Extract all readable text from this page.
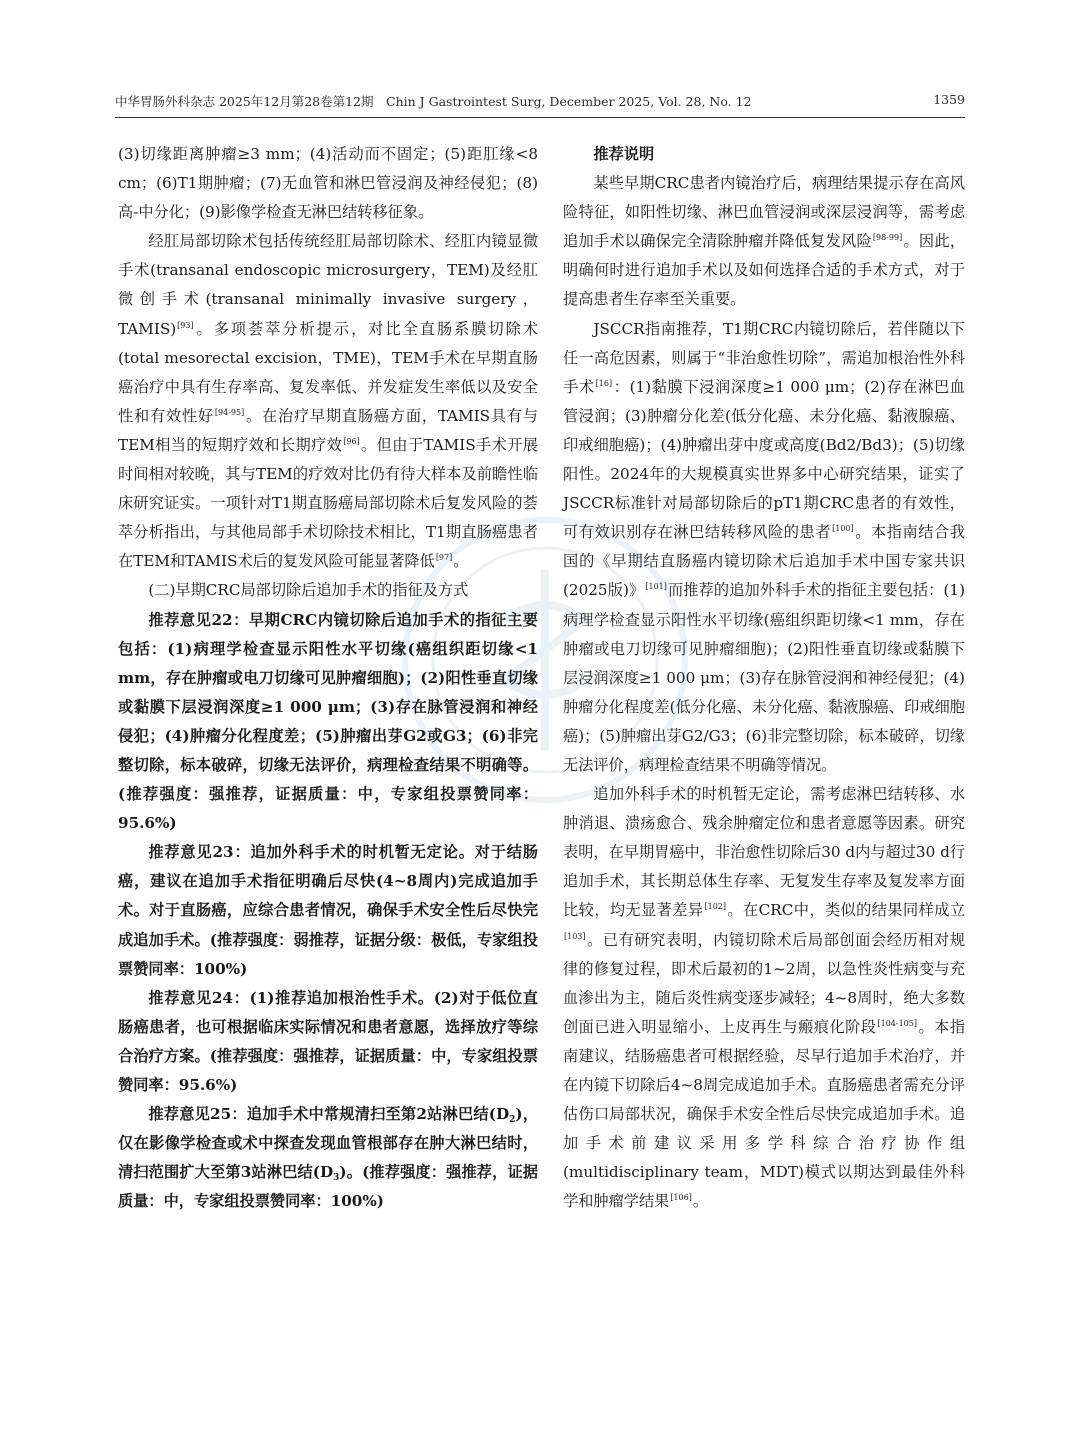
中华胃肠外科杂志 2025年12月第28卷第12期　Chin J Gastrointest Surg, December 2025, Vol. 28, No. 12	1359

(3)切缘距离肿瘤≥3 mm；(4)活动而不固定；(5)距肛缘<8 cm；(6)T1期肿瘤；(7)无血管和淋巴管浸润及神经侵犯；(8)高-中分化；(9)影像学检查无淋巴结转移征象。

经肛局部切除术包括传统经肛局部切除术、经肛内镜显微手术(transanal endoscopic microsurgery，TEM)及经肛微创手术(transanal minimally invasive surgery，TAMIS)[93]。多项荟萃分析提示，对比全直肠系膜切除术(total mesorectal excision，TME)，TEM手术在早期直肠癌治疗中具有生存率高、复发率低、并发症发生率低以及安全性和有效性好[94-95]。在治疗早期直肠癌方面，TAMIS具有与TEM相当的短期疗效和长期疗效[96]。但由于TAMIS手术开展时间相对较晚，其与TEM的疗效对比仍有待大样本及前瞻性临床研究证实。一项针对T1期直肠癌局部切除术后复发风险的荟萃分析指出，与其他局部手术切除技术相比，T1期直肠癌患者在TEM和TAMIS术后的复发风险可能显著降低[97]。

(二)早期CRC局部切除后追加手术的指征及方式

推荐意见22：早期CRC内镜切除后追加手术的指征主要包括：(1)病理学检查显示阳性水平切缘(癌组织距切缘<1 mm，存在肿瘤或电刀切缘可见肿瘤细胞)；(2)阳性垂直切缘或黏膜下层浸润深度≥1 000 μm；(3)存在脉管浸润和神经侵犯；(4)肿瘤分化程度差；(5)肿瘤出芽G2或G3；(6)非完整切除，标本破碎，切缘无法评价，病理检查结果不明确等。(推荐强度：强推荐，证据质量：中，专家组投票赞同率：95.6%)

推荐意见23：追加外科手术的时机暂无定论。对于结肠癌，建议在追加手术指征明确后尽快(4~8周内)完成追加手术。对于直肠癌，应综合患者情况，确保手术安全性后尽快完成追加手术。(推荐强度：弱推荐，证据分级：极低，专家组投票赞同率：100%)

推荐意见24：(1)推荐追加根治性手术。(2)对于低位直肠癌患者，也可根据临床实际情况和患者意愿，选择放疗等综合治疗方案。(推荐强度：强推荐，证据质量：中，专家组投票赞同率：95.6%)

推荐意见25：追加手术中常规清扫至第2站淋巴结$(D_2)$，仅在影像学检查或术中探查发现血管根部存在肿大淋巴结时，清扫范围扩大至第3站淋巴结$(D_3)$。(推荐强度：强推荐，证据质量：中，专家组投票赞同率：100%)

推荐说明

某些早期CRC患者内镜治疗后，病理结果提示存在高风险特征，如阳性切缘、淋巴血管浸润或深层浸润等，需考虑追加手术以确保完全清除肿瘤并降低复发风险[98-99]。因此，明确何时进行追加手术以及如何选择合适的手术方式，对于提高患者生存率至关重要。

JSCCR指南推荐，T1期CRC内镜切除后，若伴随以下任一高危因素，则属于“非治愈性切除”，需追加根治性外科手术[16]：(1)黏膜下浸润深度≥1 000 μm；(2)存在淋巴血管浸润；(3)肿瘤分化差(低分化癌、未分化癌、黏液腺癌、印戒细胞癌)；(4)肿瘤出芽中度或高度(Bd2/Bd3)；(5)切缘阳性。2024年的大规模真实世界多中心研究结果，证实了JSCCR标准针对局部切除后的pT1期CRC患者的有效性，可有效识别存在淋巴结转移风险的患者[100]。本指南结合我国的《早期结直肠癌内镜切除术后追加手术中国专家共识(2025版)》[101]而推荐的追加外科手术的指征主要包括：(1)病理学检查显示阳性水平切缘(癌组织距切缘<1 mm，存在肿瘤或电刀切缘可见肿瘤细胞)；(2)阳性垂直切缘或黏膜下层浸润深度≥1 000 μm；(3)存在脉管浸润和神经侵犯；(4)肿瘤分化程度差(低分化癌、未分化癌、黏液腺癌、印戒细胞癌)；(5)肿瘤出芽G2/G3；(6)非完整切除，标本破碎，切缘无法评价，病理检查结果不明确等情况。

追加外科手术的时机暂无定论，需考虑淋巴结转移、水肿消退、溃疡愈合、残余肿瘤定位和患者意愿等因素。研究表明，在早期胃癌中，非治愈性切除后30 d内与超过30 d行追加手术，其长期总体生存率、无复发生存率及复发率方面比较，均无显著差异[102]。在CRC中，类似的结果同样成立[103]。已有研究表明，内镜切除术后局部创面会经历相对规律的修复过程，即术后最初的1~2周，以急性炎性病变与充血渗出为主，随后炎性病变逐步减轻；4~8周时，绝大多数创面已进入明显缩小、上皮再生与瘢痕化阶段[104-105]。本指南建议，结肠癌患者可根据经验，尽早行追加手术治疗，并在内镜下切除后4~8周完成追加手术。直肠癌患者需充分评估伤口局部状况，确保手术安全性后尽快完成追加手术。追加手术前建议采用多学科综合治疗协作组(multidisciplinary team，MDT)模式以期达到最佳外科学和肿瘤学结果[106]。
